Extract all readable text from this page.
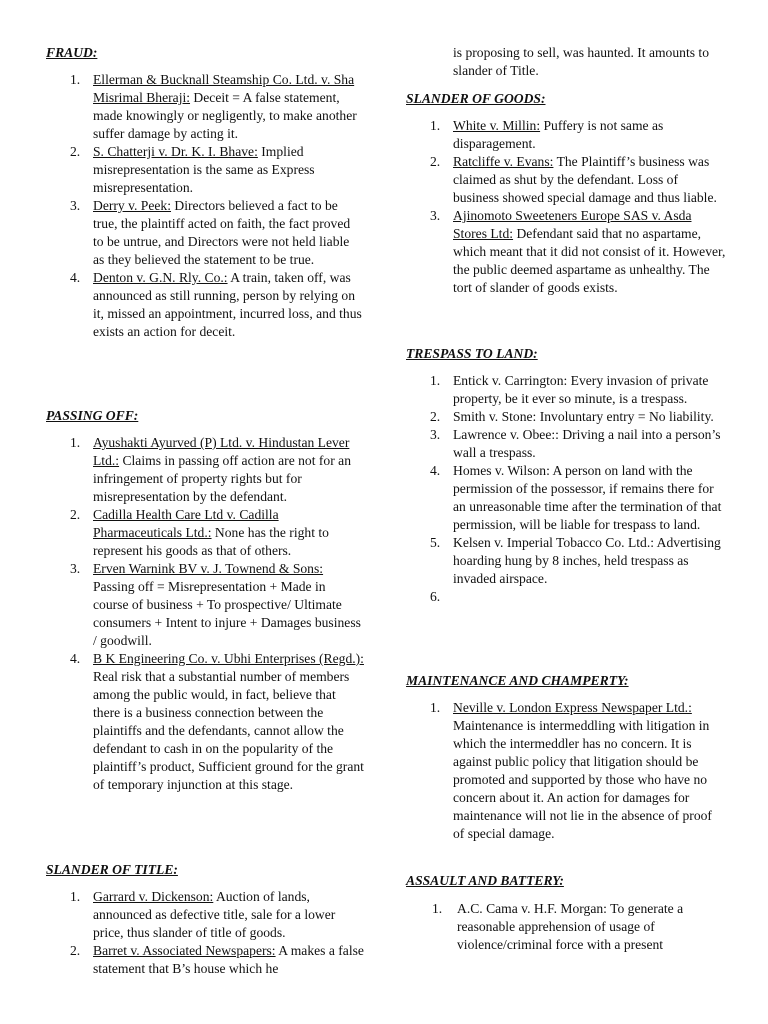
FRAUD:
1. Ellerman & Bucknall Steamship Co. Ltd. v. Sha Misrimal Bheraji: Deceit = A false statement, made knowingly or negligently, to make another suffer damage by acting it.
2. S. Chatterji v. Dr. K. I. Bhave: Implied misrepresentation is the same as Express misrepresentation.
3. Derry v. Peek: Directors believed a fact to be true, the plaintiff acted on faith, the fact proved to be untrue, and Directors were not held liable as they believed the statement to be true.
4. Denton v. G.N. Rly. Co.: A train, taken off, was announced as still running, person by relying on it, missed an appointment, incurred loss, and thus exists an action for deceit.
PASSING OFF:
1. Ayushakti Ayurved (P) Ltd. v. Hindustan Lever Ltd.: Claims in passing off action are not for an infringement of property rights but for misrepresentation by the defendant.
2. Cadilla Health Care Ltd v. Cadilla Pharmaceuticals Ltd.: None has the right to represent his goods as that of others.
3. Erven Warnink BV v. J. Townend & Sons: Passing off = Misrepresentation + Made in course of business + To prospective/ Ultimate consumers + Intent to injure + Damages business / goodwill.
4. B K Engineering Co. v. Ubhi Enterprises (Regd.): Real risk that a substantial number of members among the public would, in fact, believe that there is a business connection between the plaintiffs and the defendants, cannot allow the defendant to cash in on the popularity of the plaintiff’s product, Sufficient ground for the grant of temporary injunction at this stage.
SLANDER OF TITLE:
1. Garrard v. Dickenson: Auction of lands, announced as defective title, sale for a lower price, thus slander of title of goods.
2. Barret v. Associated Newspapers: A makes a false statement that B’s house which he

is proposing to sell, was haunted. It amounts to slander of Title.

SLANDER OF GOODS:
1. White v. Millin: Puffery is not same as disparagement.
2. Ratcliffe v. Evans: The Plaintiff’s business was claimed as shut by the defendant. Loss of business showed special damage and thus liable.
3. Ajinomoto Sweeteners Europe SAS v. Asda Stores Ltd: Defendant said that no aspartame, which meant that it did not consist of it. However, the public deemed aspartame as unhealthy. The tort of slander of goods exists.
TRESPASS TO LAND:
1. Entick v. Carrington: Every invasion of private property, be it ever so minute, is a trespass.
2. Smith v. Stone: Involuntary entry = No liability.
3. Lawrence v. Obee:: Driving a nail into a person’s wall a trespass.
4. Homes v. Wilson: A person on land with the permission of the possessor, if remains there for an unreasonable time after the termination of that permission, will be liable for trespass to land.
5. Kelsen v. Imperial Tobacco Co. Ltd.: Advertising hoarding hung by 8 inches, held trespass as invaded airspace.
6.
MAINTENANCE AND CHAMPERTY:
1. Neville v. London Express Newspaper Ltd.: Maintenance is intermeddling with litigation in which the intermeddler has no concern. It is against public policy that litigation should be promoted and supported by those who have no concern about it. An action for damages for maintenance will not lie in the absence of proof of special damage.
ASSAULT AND BATTERY:
1. A.C. Cama v. H.F. Morgan: To generate a reasonable apprehension of usage of violence/criminal force with a present
